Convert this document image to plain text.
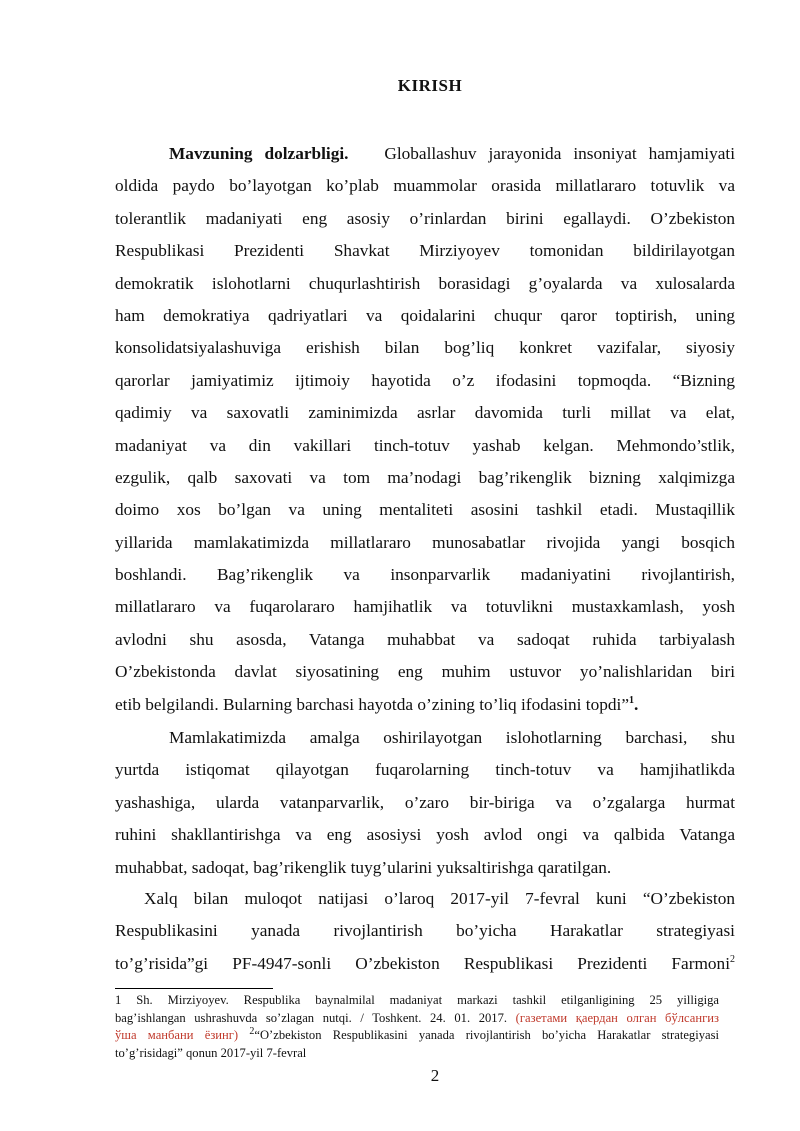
KIRISH
Mavzuning dolzarbligi. Globallashuv jarayonida insoniyat hamjamiyati
oldida paydo bo’layotgan ko’plab muammolar orasida millatlararo totuvlik va
tolerantlik madaniyati eng asosiy o’rinlardan birini egallaydi. O’zbekiston
Respublikasi Prezidenti Shavkat Mirziyoyev tomonidan bildirilayotgan
demokratik islohotlarni chuqurlashtirish borasidagi g’oyalarda va xulosalarda
ham demokratiya qadriyatlari va qoidalarini chuqur qaror toptirish, uning
konsolidatsiyalashuviga erishish bilan bog’liq konkret vazifalar, siyosiy
qarorlar jamiyatimiz ijtimoiy hayotida o’z ifodasini topmoqda. “Bizning
qadimiy va saxovatli zaminimizda asrlar davomida turli millat va elat,
madaniyat va din vakillari tinch-totuv yashab kelgan. Mehmondo’stlik,
ezgulik, qalb saxovati va tom ma’nodagi bag’rikenglik bizning xalqimizga
doimo xos bo’lgan va uning mentaliteti asosini tashkil etadi. Mustaqillik
yillarida mamlakatimizda millatlararo munosabatlar rivojida yangi bosqich
boshlandi. Bag’rikenglik va insonparvarlik madaniyatini rivojlantirish,
millatlararo va fuqarolararo hamjihatlik va totuvlikni mustaxkamlash, yosh
avlodni shu asosda, Vatanga muhabbat va sadoqat ruhida tarbiyalash
O’zbekistonda davlat siyosatining eng muhim ustuvor yo’nalishlaridan biri
etib belgilandi. Bularning barchasi hayotda o’zining to’liq ifodasini topdi”$^1$.
Mamlakatimizda amalga oshirilayotgan islohotlarning barchasi, shu
yurtda istiqomat qilayotgan fuqarolarning tinch-totuv va hamjihatlikda
yashashiga, ularda vatanparvarlik, o’zaro bir-biriga va o’zgalarga hurmat
ruhini shakllantirishga va eng asosiysi yosh avlod ongi va qalbida Vatanga
muhabbat, sadoqat, bag’rikenglik tuyg’ularini yuksaltirishga qaratilgan.
Xalq bilan muloqot natijasi o’laroq 2017-yil 7-fevral kuni “O’zbekiston
Respublikasini yanada rivojlantirish bo’yicha Harakatlar strategiyasi
to’g’risida”gi PF-4947-sonli O’zbekiston Respublikasi Prezidenti Farmoni$^2$
1 Sh. Mirziyoyev. Respublika baynalmilal madaniyat markazi tashkil etilganligining 25 yilligiga
bag’ishlangan ushrashuvda so’zlagan nutqi. / Toshkent. 24. 01. 2017. (газетами қаердан олган бўлсангиз
ўша манбани ёзинг) $^2$“O’zbekiston Respublikasini yanada rivojlantirish bo’yicha Harakatlar strategiyasi
to’g’risidagi” qonun 2017-yil 7-fevral
2
